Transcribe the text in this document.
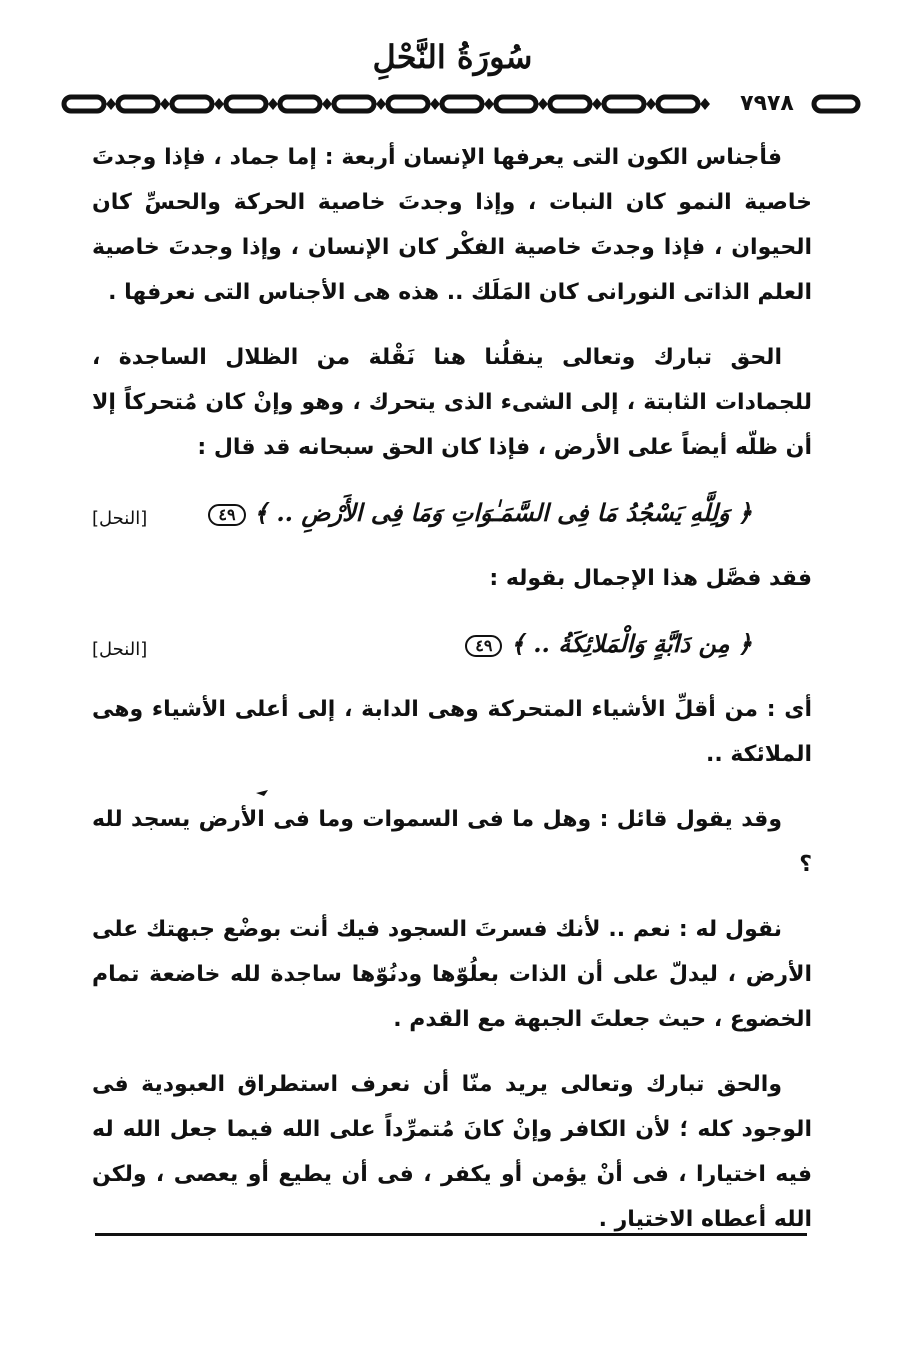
سُورَةُ النَّحْلِ
٧٩٧٨

فأجناس الكون التى يعرفها الإنسان أربعة : إما جماد ، فإذا وجدتَ خاصية النمو كان النبات ، وإذا وجدتَ خاصية الحركة والحسِّ كان الحيوان ، فإذا وجدتَ خاصية الفكْر كان الإنسان ، وإذا وجدتَ خاصية العلم الذاتى النورانى كان المَلَك .. هذه هى الأجناس التى نعرفها .

الحق تبارك وتعالى ينقلُنا هنا نَقْلة من الظلال الساجدة ، للجمادات الثابتة ، إلى الشىء الذى يتحرك ، وهو وإنْ كان مُتحركاً إلا أن ظلّه أيضاً على الأرض ، فإذا كان الحق سبحانه قد قال :

﴿ وَلِلَّهِ يَسْجُدُ مَا فِى السَّمَـٰوَاتِ وَمَا فِى الأَرْضِ .. ﴾ ٤٩
[النحل]

فقد فصَّل هذا الإجمال بقوله :

﴿ مِن دَابَّةٍ وَالْمَلائِكَةُ .. ﴾ ٤٩
[النحل]

أى : من أقلِّ الأشياء المتحركة وهى الدابة ، إلى أعلى الأشياء وهى الملائكة ..

وقد يقول قائل : وهل ما فى السموات وما فى الأرض يسجد لله ؟

نقول له : نعم .. لأنك فسرتَ السجود فيك أنت بوضْع جبهتك على الأرض ، ليدلّ على أن الذات بعلُوّها ودنُوّها ساجدة لله خاضعة تمام الخضوع ، حيث جعلتَ الجبهة مع القدم .

والحق تبارك وتعالى يريد منّا أن نعرف استطراق العبودية فى الوجود كله ؛ لأن الكافر وإنْ كانَ مُتمرِّداً على الله فيما جعل الله له فيه اختيارا ، فى أنْ يؤمن أو يكفر ، فى أن يطيع أو يعصى ، ولكن الله أعطاه الاختيار .
